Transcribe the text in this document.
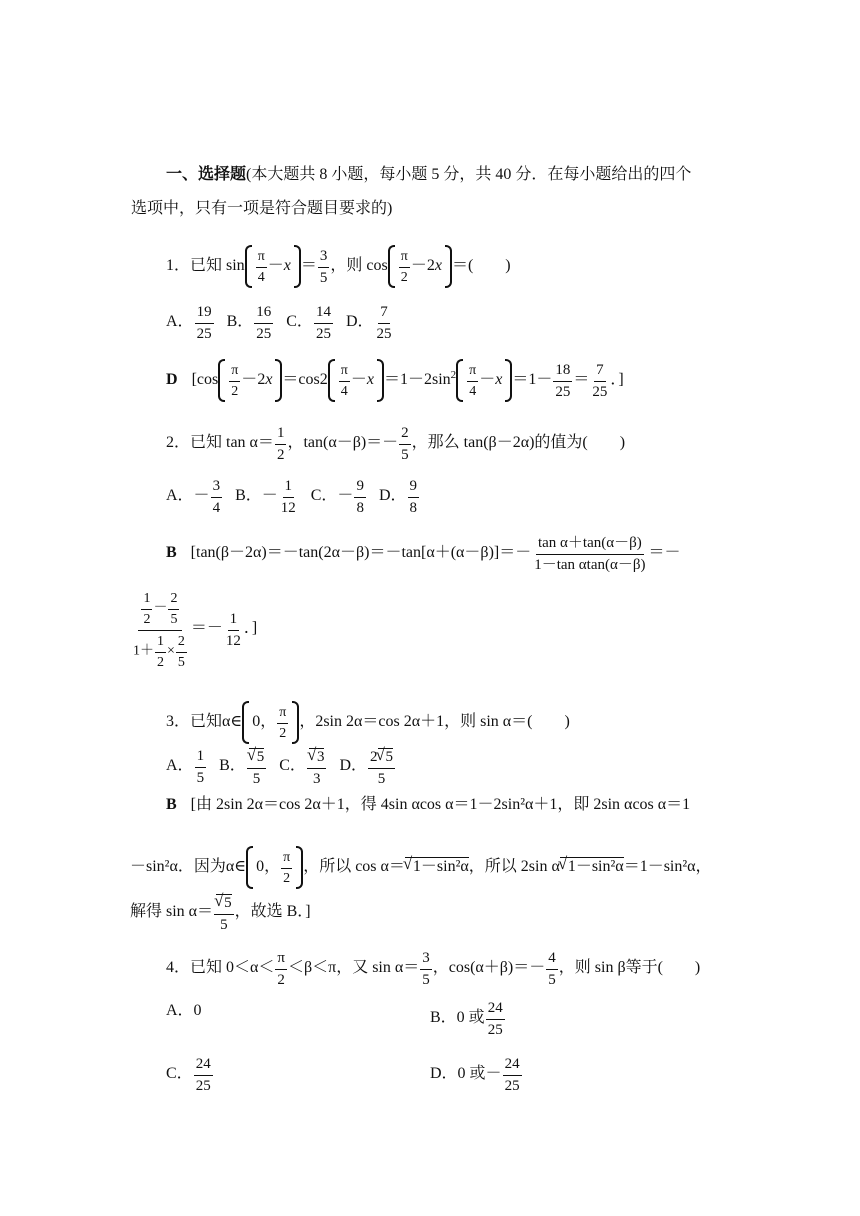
一、选择题(本大题共 8 小题，每小题 5 分，共 40 分．在每小题给出的四个
选项中，只有一项是符合题目要求的)
1．已知 $\sin \frac{\pi}{4} -x = \frac{3}{5}$ ，则 $\cos \frac{\pi}{2} -2x$ ＝(　　)
A． $\frac{19}{25}$ B． $\frac{16}{25}$ C． $\frac{14}{25}$ D． $\frac{7}{25}$
D [$\cos \frac{\pi}{2} -2x =\cos 2 \frac{\pi}{4} -x =1-2\sin^2 \frac{\pi}{4} -x =1- \frac{18}{25} = \frac{7}{25}$ ．]
2．已知 $\tan \alpha= \frac{1}{2}$ ，$\tan(\alpha-\beta)=- \frac{2}{5}$ ，那么 tan(β－2α)的值为(　　)
A．－ $\frac{3}{4}$ B．－ $\frac{1}{12}$ C．－ $\frac{9}{8}$ D． $\frac{9}{8}$
B [$\tan(\beta-2\alpha)=-\tan(2\alpha-\beta)=-\tan[\alpha+(\alpha-\beta)]=- \frac{\text{tan α＋tan(α－β)}}{\text{1－tan αtan(α－β)}}$ ＝－
$\frac{\frac{1}{2} - \frac{2}{5}}{1+ \frac{1}{2} \times \frac{2}{5}} =- \frac{1}{12}$ ．]
3．已知α∈ 0， $\frac{\pi}{2}$ ，2sin 2α＝cos 2α＋1，则 sin α＝(　　)
A． $\frac{1}{5}$ B． √ $\frac{5}{5}$ C． √ $\frac{3}{3}$ D． $\frac{2 √ 5}{5}$
B [由 2sin 2α＝cos 2α＋1，得 4sin αcos α＝1－2sin²α＋1，即 2sin αcos α＝1
－sin²α．因为α∈ 0， $\frac{\pi}{2}$ ，所以 cos α＝ √ 1－sin²α，所以 2sin α √ 1－sin²α＝1－sin²α，
解得 sin α＝ √ $\frac{5}{5}$ ，故选 B．]
4．已知 $0<\alpha< \frac{\pi}{2} <\beta<\pi$，又 $\sin \alpha= \frac{3}{5}$ ，$\cos(\alpha+\beta)=- \frac{4}{5}$ ，则 sin β等于(　　)
A．0	B．0 或 $\frac{24}{25}$
C． $\frac{24}{25}$	D．0 或－ $\frac{24}{25}$
